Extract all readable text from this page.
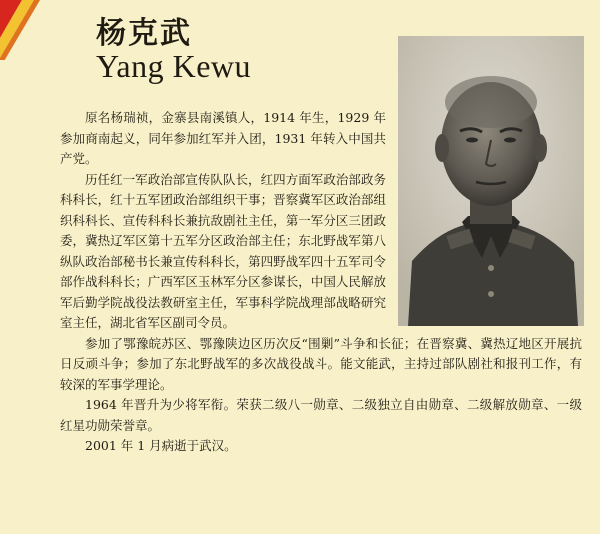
杨克武
Yang Kewu

原名杨瑞祯，金寨县南溪镇人，1914 年生，1929 年参加商南起义，同年参加红军并入团，1931 年转入中国共产党。

历任红一军政治部宣传队队长，红四方面军政治部政务科科长，红十五军团政治部组织干事；晋察冀军区政治部组织科科长、宣传科科长兼抗敌剧社主任，第一军分区三团政委，冀热辽军区第十五军分区政治部主任；东北野战军第八纵队政治部秘书长兼宣传科科长，第四野战军四十五军司令部作战科科长；广西军区玉林军分区参谋长，中国人民解放军后勤学院战役法教研室主任，军事科学院战理部战略研究室主任，湖北省军区副司令员。

参加了鄂豫皖苏区、鄂豫陕边区历次反“围剿”斗争和长征；在晋察冀、冀热辽地区开展抗日反顽斗争；参加了东北野战军的多次战役战斗。能文能武，主持过部队剧社和报刊工作，有较深的军事学理论。

1964 年晋升为少将军衔。荣获二级八一勋章、二级独立自由勋章、二级解放勋章、一级红星功勋荣誉章。

2001 年 1 月病逝于武汉。
